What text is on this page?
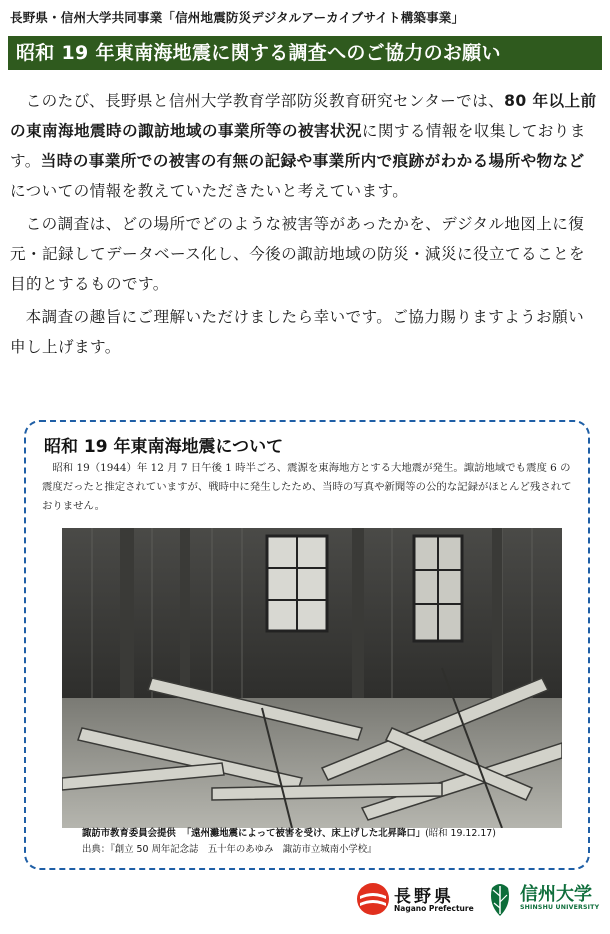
長野県・信州大学共同事業「信州地震防災デジタルアーカイブサイト構築事業」
昭和 19 年東南海地震に関する調査へのご協力のお願い

このたび、長野県と信州大学教育学部防災教育研究センターでは、80 年以上前の東南海地震時の諏訪地域の事業所等の被害状況に関する情報を収集しております。当時の事業所での被害の有無の記録や事業所内で痕跡がわかる場所や物などについての情報を教えていただきたいと考えています。

この調査は、どの場所でどのような被害等があったかを、デジタル地図上に復元・記録してデータベース化し、今後の諏訪地域の防災・減災に役立てることを目的とするものです。

本調査の趣旨にご理解いただけましたら幸いです。ご協力賜りますようお願い申し上げます。

昭和 19 年東南海地震について
昭和 19（1944）年 12 月 7 日午後 1 時半ごろ、震源を東海地方とする大地震が発生。諏訪地域でも震度 6 の震度だったと推定されていますが、戦時中に発生したため、当時の写真や新聞等の公的な記録がほとんど残されておりません。
諏訪市教育委員会提供 「遠州灘地震によって被害を受け、床上げした北昇降口」(昭和 19.12.17)
出典：『創立 50 周年記念誌　五十年のあゆみ　諏訪市立城南小学校』
長野県
Nagano Prefecture
信州大学
SHINSHU UNIVERSITY
